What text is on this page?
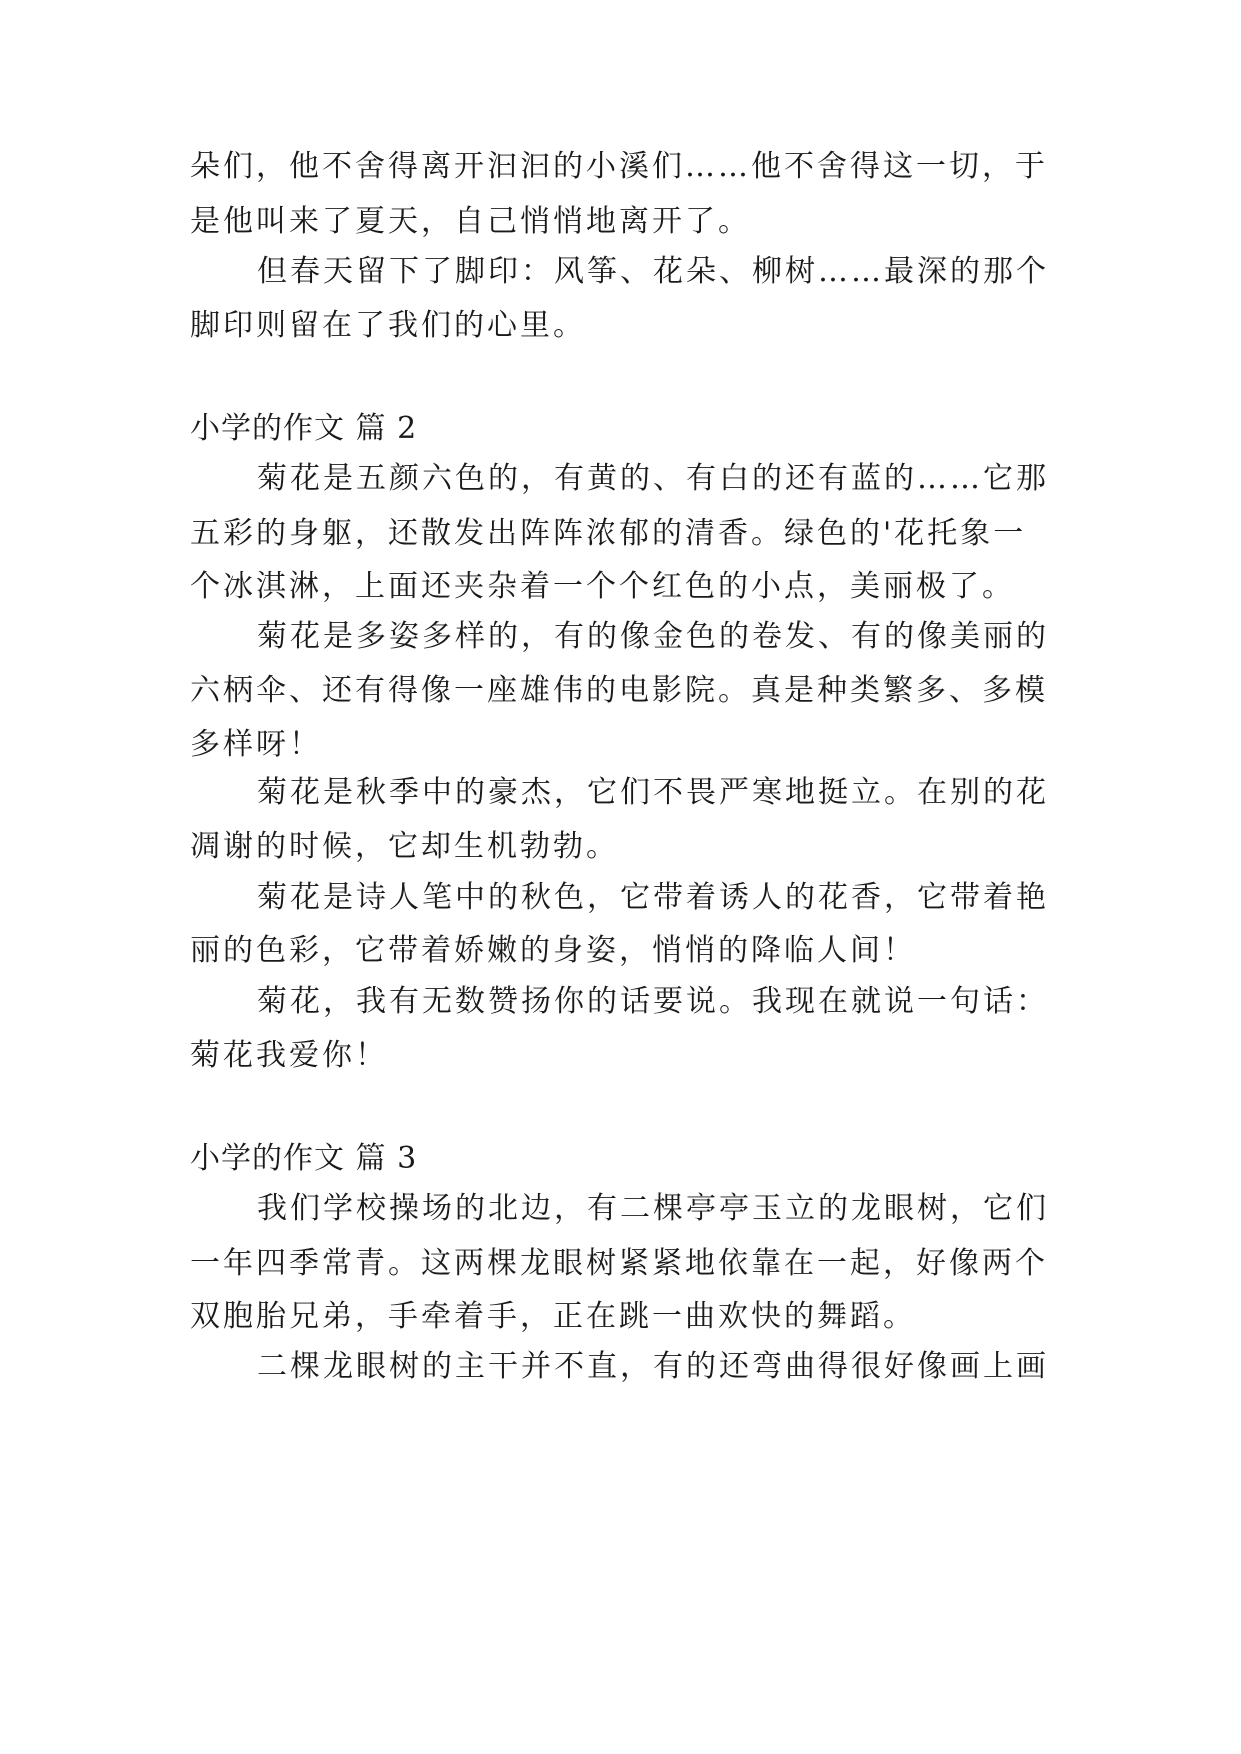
朵们，他不舍得离开汩汩的小溪们……他不舍得这一切，于
是他叫来了夏天，自己悄悄地离开了。
但春天留下了脚印：风筝、花朵、柳树……最深的那个
脚印则留在了我们的心里。
小学的作文 篇 2
菊花是五颜六色的，有黄的、有白的还有蓝的……它那
五彩的身躯，还散发出阵阵浓郁的清香。绿色的'花托象一
个冰淇淋，上面还夹杂着一个个红色的小点，美丽极了。
菊花是多姿多样的，有的像金色的卷发、有的像美丽的
六柄伞、还有得像一座雄伟的电影院。真是种类繁多、多模
多样呀！
菊花是秋季中的豪杰，它们不畏严寒地挺立。在别的花
凋谢的时候，它却生机勃勃。
菊花是诗人笔中的秋色，它带着诱人的花香，它带着艳
丽的色彩，它带着娇嫩的身姿，悄悄的降临人间！
菊花，我有无数赞扬你的话要说。我现在就说一句话：
菊花我爱你！
小学的作文 篇 3
我们学校操场的北边，有二棵亭亭玉立的龙眼树，它们
一年四季常青。这两棵龙眼树紧紧地依靠在一起，好像两个
双胞胎兄弟，手牵着手，正在跳一曲欢快的舞蹈。
二棵龙眼树的主干并不直，有的还弯曲得很好像画上画
